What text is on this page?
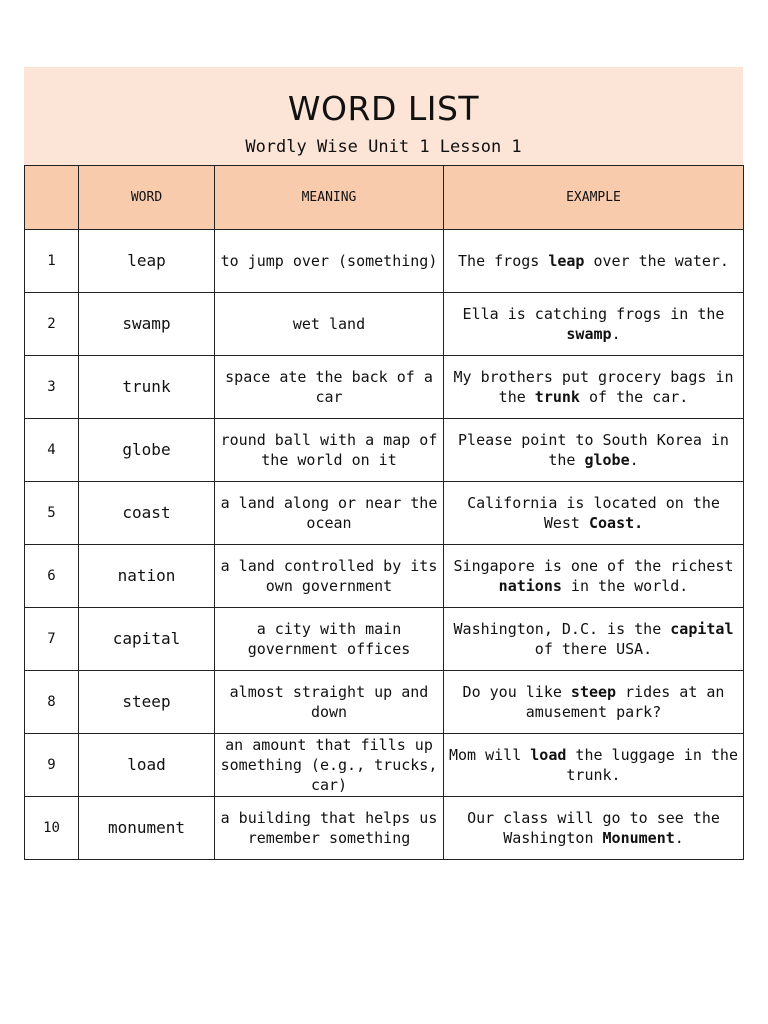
WORD LIST
Wordly Wise Unit 1 Lesson 1
	WORD	MEANING	EXAMPLE
1	leap	to jump over (something)	The frogs leap over the water.
2	swamp	wet land	Ella is catching frogs in the swamp.
3	trunk	space ate the back of a car	My brothers put grocery bags in the trunk of the car.
4	globe	round ball with a map of the world on it	Please point to South Korea in the globe.
5	coast	a land along or near the ocean	California is located on the West Coast.
6	nation	a land controlled by its own government	Singapore is one of the richest nations in the world.
7	capital	a city with main government offices	Washington, D.C. is the capital of there USA.
8	steep	almost straight up and down	Do you like steep rides at an amusement park?
9	load	an amount that fills up something (e.g., trucks, car)	Mom will load the luggage in the trunk.
10	monument	a building that helps us remember something	Our class will go to see the Washington Monument.
